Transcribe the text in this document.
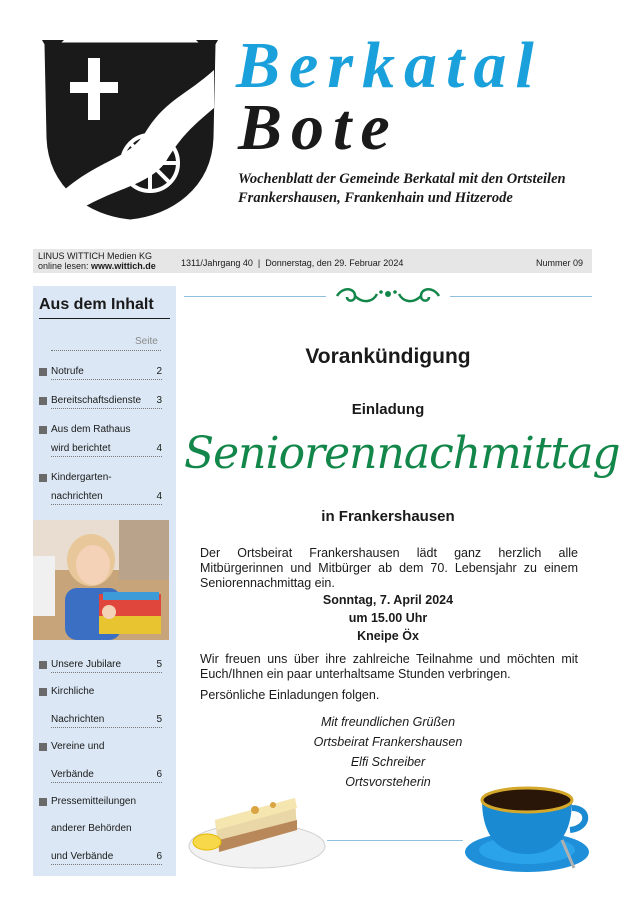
Berkatal
Bote
Wochenblatt der Gemeinde Berkatal mit den Ortsteilen Frankershausen, Frankenhain und Hitzerode
LINUS WITTICH Medien KG
online lesen: www.wittich.de	1311/Jahrgang 40  |  Donnerstag, den 29. Februar 2024	Nummer 09
Aus dem Inhalt
Seite
Notrufe	2
Bereitschaftsdienste 3
Aus dem Rathaus
wird berichtet	4
Kindergarten-
nachrichten	4
Unsere Jubilare	5
Kirchliche
Nachrichten	5
Vereine und
Verbände	6
Pressemitteilungen
anderer Behörden
und Verbände	6
Vorankündigung
Einladung
Seniorennachmittag
in Frankershausen
Der Ortsbeirat Frankershausen lädt ganz herzlich alle Mitbürgerinnen und Mitbürger ab dem 70. Lebensjahr zu einem Seniorennachmittag ein.
Sonntag, 7. April 2024
um 15.00 Uhr
Kneipe Öx
Wir freuen uns über ihre zahlreiche Teilnahme und möchten mit Euch/Ihnen ein paar unterhaltsame Stunden verbringen.
Persönliche Einladungen folgen.
Mit freundlichen Grüßen
Ortsbeirat Frankershausen
Elfi Schreiber
Ortsvorsteherin
